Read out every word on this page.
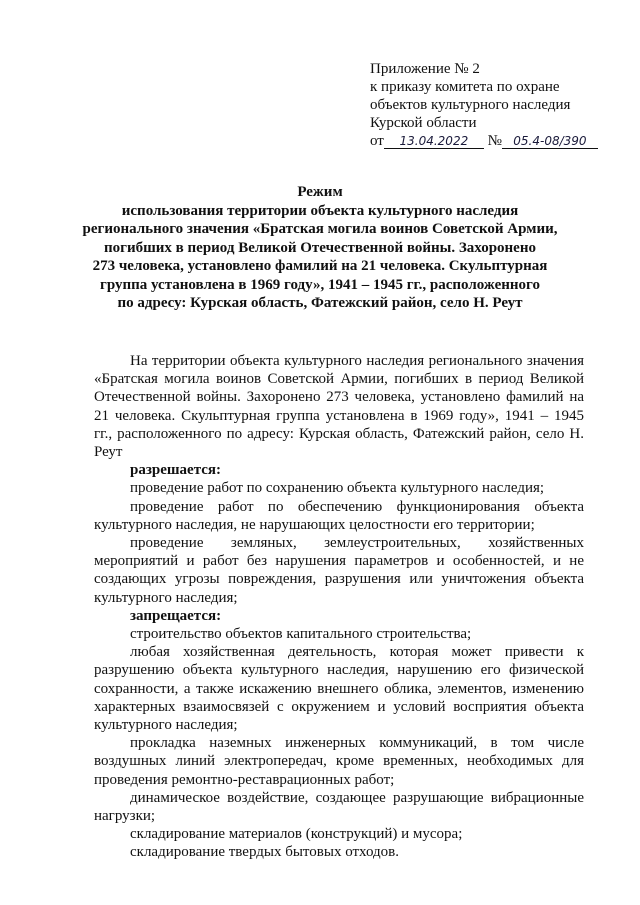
Приложение № 2
к приказу комитета по охране
объектов культурного наследия
Курской области
от 13.04.2022 № 05.4-08/390
Режим
использования территории объекта культурного наследия
регионального значения «Братская могила воинов Советской Армии,
погибших в период Великой Отечественной войны. Захоронено
273 человека, установлено фамилий на 21 человека. Скульптурная
группа установлена в 1969 году», 1941 – 1945 гг., расположенного
по адресу: Курская область, Фатежский район, село Н. Реут

На территории объекта культурного наследия регионального значения «Братская могила воинов Советской Армии, погибших в период Великой Отечественной войны. Захоронено 273 человека, установлено фамилий на 21 человека. Скульптурная группа установлена в 1969 году», 1941 – 1945 гг., расположенного по адресу: Курская область, Фатежский район, село Н. Реут

разрешается:

проведение работ по сохранению объекта культурного наследия;

проведение работ по обеспечению функционирования объекта культурного наследия, не нарушающих целостности его территории;

проведение земляных, землеустроительных, хозяйственных мероприятий и работ без нарушения параметров и особенностей, и не создающих угрозы повреждения, разрушения или уничтожения объекта культурного наследия;

запрещается:

строительство объектов капитального строительства;

любая хозяйственная деятельность, которая может привести к разрушению объекта культурного наследия, нарушению его физической сохранности, а также искажению внешнего облика, элементов, изменению характерных взаимосвязей с окружением и условий восприятия объекта культурного наследия;

прокладка наземных инженерных коммуникаций, в том числе воздушных линий электропередач, кроме временных, необходимых для проведения ремонтно-реставрационных работ;

динамическое воздействие, создающее разрушающие вибрационные нагрузки;

складирование материалов (конструкций) и мусора;

складирование твердых бытовых отходов.
